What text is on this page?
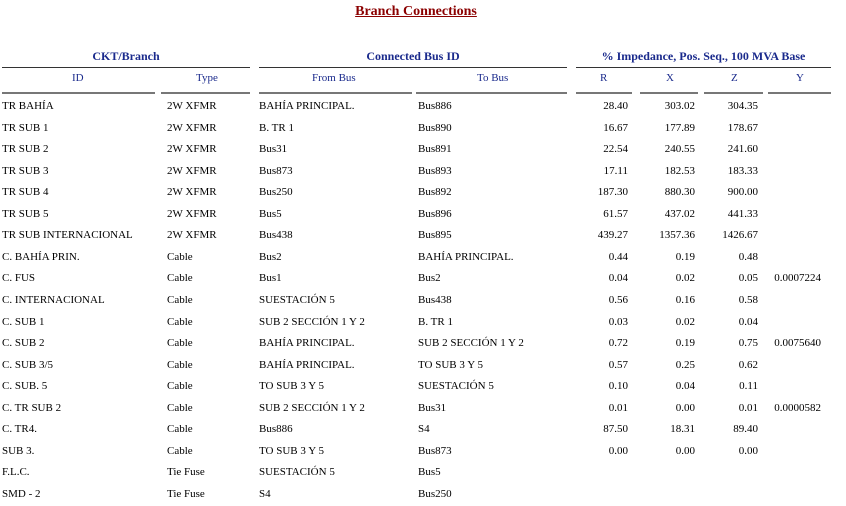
Branch Connections
CKT/Branch	Connected Bus ID	% Impedance, Pos. Seq., 100 MVA Base
ID	Type	From Bus	To Bus	R	X	Z	Y
TR BAHÍA	2W XFMR	BAHÍA PRINCIPAL.	Bus886	28.40	303.02	304.35
TR SUB 1	2W XFMR	B. TR 1	Bus890	16.67	177.89	178.67
TR SUB 2	2W XFMR	Bus31	Bus891	22.54	240.55	241.60
TR SUB 3	2W XFMR	Bus873	Bus893	17.11	182.53	183.33
TR SUB 4	2W XFMR	Bus250	Bus892	187.30	880.30	900.00
TR SUB 5	2W XFMR	Bus5	Bus896	61.57	437.02	441.33
TR SUB INTERNACIONAL	2W XFMR	Bus438	Bus895	439.27	1357.36	1426.67
C. BAHÍA PRIN.	Cable	Bus2	BAHÍA PRINCIPAL.	0.44	0.19	0.48
C. FUS	Cable	Bus1	Bus2	0.04	0.02	0.05	0.0007224
C. INTERNACIONAL	Cable	SUESTACIÓN 5	Bus438	0.56	0.16	0.58
C. SUB 1	Cable	SUB 2 SECCIÓN 1 Y 2	B. TR 1	0.03	0.02	0.04
C. SUB 2	Cable	BAHÍA PRINCIPAL.	SUB 2 SECCIÓN 1 Y 2	0.72	0.19	0.75	0.0075640
C. SUB 3/5	Cable	BAHÍA PRINCIPAL.	TO SUB 3 Y 5	0.57	0.25	0.62
C. SUB. 5	Cable	TO SUB 3 Y 5	SUESTACIÓN 5	0.10	0.04	0.11
C. TR SUB 2	Cable	SUB 2 SECCIÓN 1 Y 2	Bus31	0.01	0.00	0.01	0.0000582
C. TR4.	Cable	Bus886	S4	87.50	18.31	89.40
SUB 3.	Cable	TO SUB 3 Y 5	Bus873	0.00	0.00	0.00
F.L.C.	Tie Fuse	SUESTACIÓN 5	Bus5
SMD - 2	Tie Fuse	S4	Bus250
